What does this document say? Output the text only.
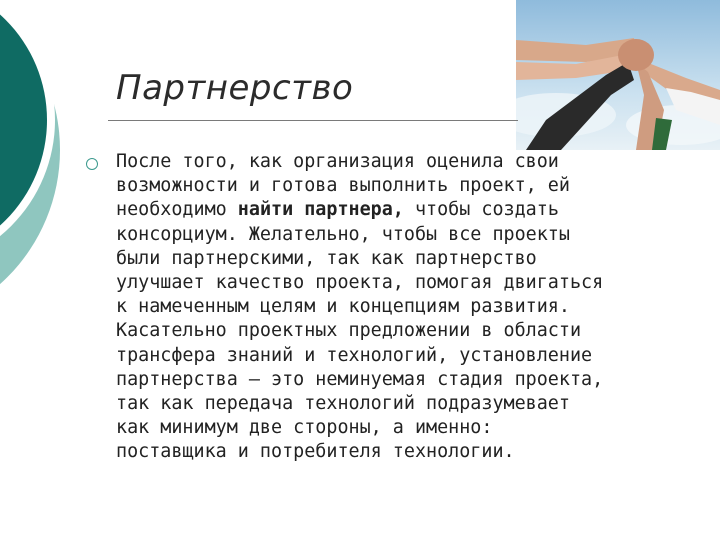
Партнерство
После того, как организация оценила свои
возможности и готова выполнить проект, ей
необходимо найти партнера, чтобы создать
консорциум. Желательно, чтобы все проекты
были партнерскими, так как партнерство
улучшает качество проекта, помогая двигаться
к намеченным целям и концепциям развития.
Касательно проектных предложении в области
трансфера знаний и технологий, установление
партнерства — это неминуемая стадия проекта,
так как передача технологий подразумевает
как минимум две стороны, а именно:
поставщика и потребителя технологии.
